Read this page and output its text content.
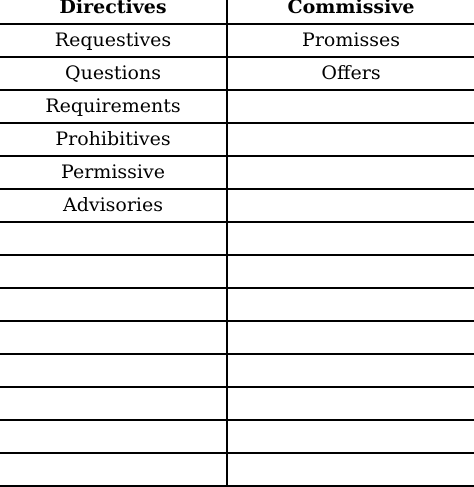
Directives	Commissive
Requestives	Promisses
Questions	Offers
Requirements	
Prohibitives	
Permissive	
Advisories	
